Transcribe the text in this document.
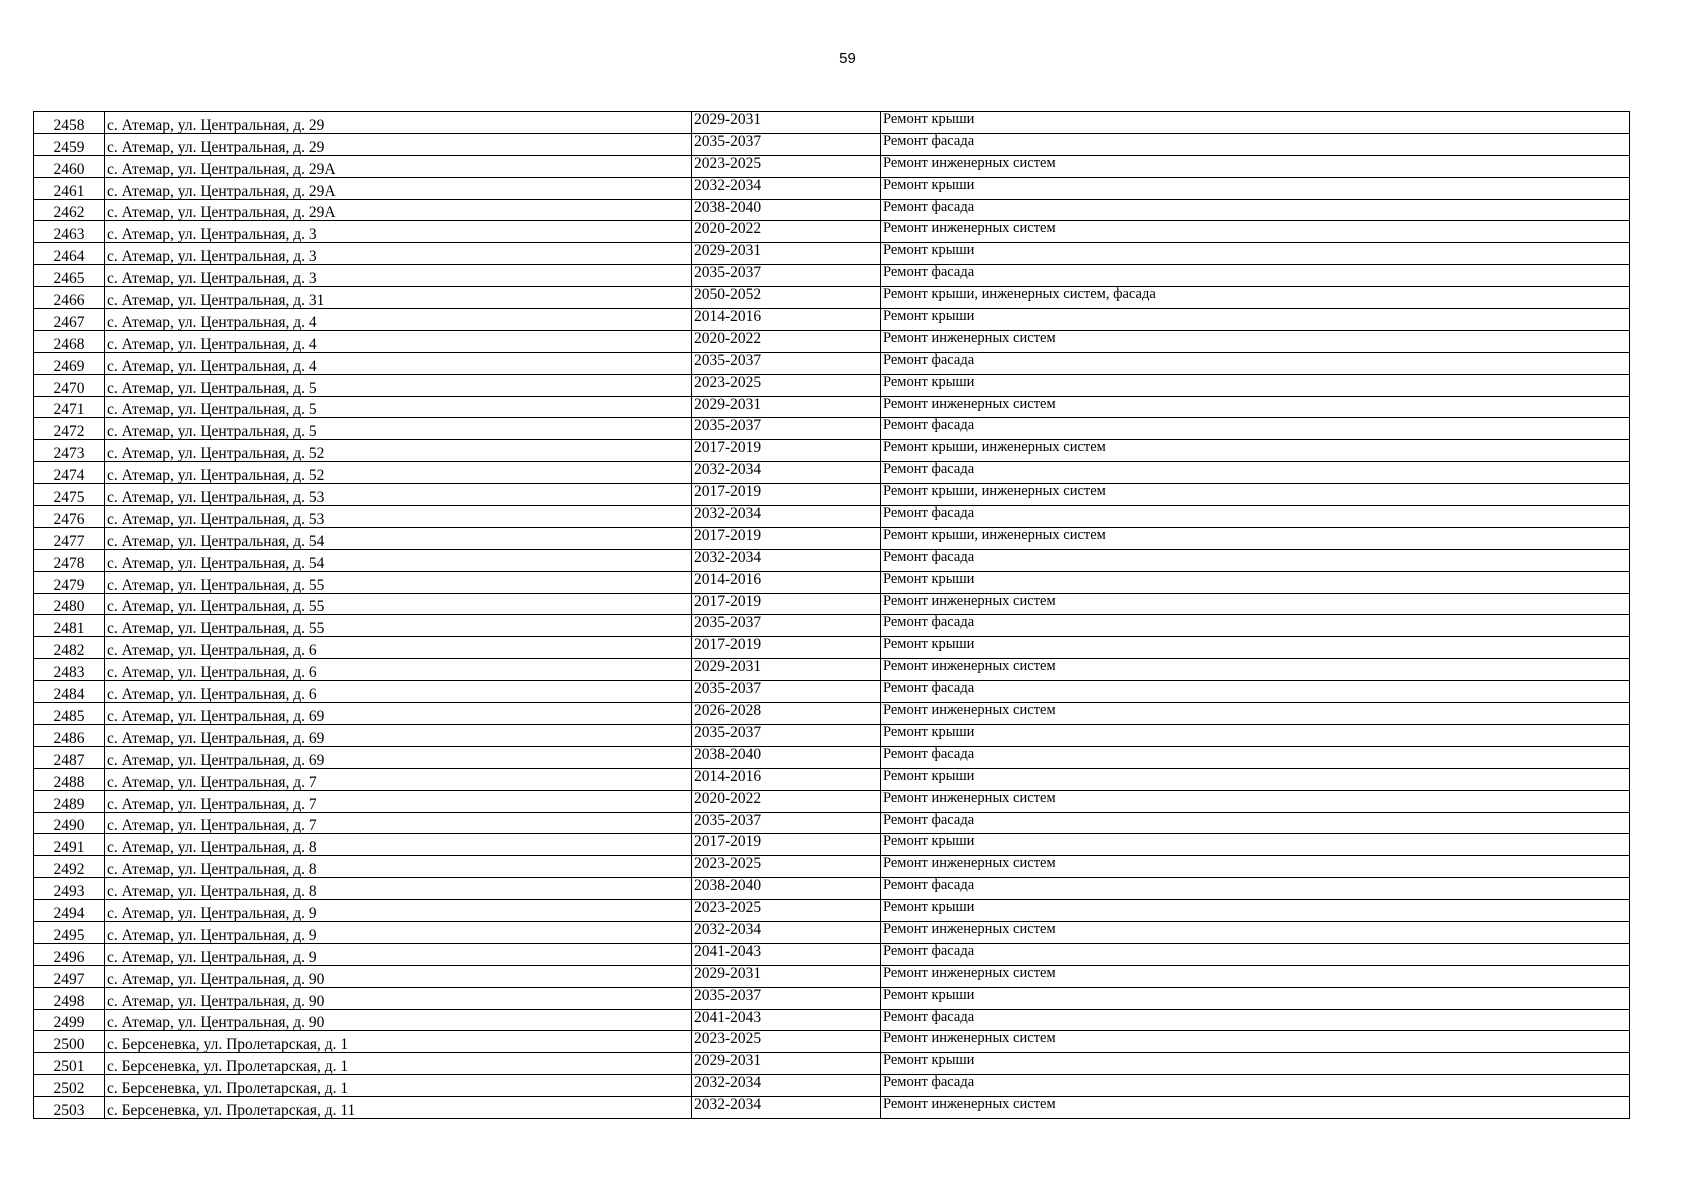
59
2458	с. Атемар, ул. Центральная, д. 29	2029-2031	Ремонт крыши
2459	с. Атемар, ул. Центральная, д. 29	2035-2037	Ремонт фасада
2460	с. Атемар, ул. Центральная, д. 29А	2023-2025	Ремонт инженерных систем
2461	с. Атемар, ул. Центральная, д. 29А	2032-2034	Ремонт крыши
2462	с. Атемар, ул. Центральная, д. 29А	2038-2040	Ремонт фасада
2463	с. Атемар, ул. Центральная, д. 3	2020-2022	Ремонт инженерных систем
2464	с. Атемар, ул. Центральная, д. 3	2029-2031	Ремонт крыши
2465	с. Атемар, ул. Центральная, д. 3	2035-2037	Ремонт фасада
2466	с. Атемар, ул. Центральная, д. 31	2050-2052	Ремонт крыши, инженерных систем, фасада
2467	с. Атемар, ул. Центральная, д. 4	2014-2016	Ремонт крыши
2468	с. Атемар, ул. Центральная, д. 4	2020-2022	Ремонт инженерных систем
2469	с. Атемар, ул. Центральная, д. 4	2035-2037	Ремонт фасада
2470	с. Атемар, ул. Центральная, д. 5	2023-2025	Ремонт крыши
2471	с. Атемар, ул. Центральная, д. 5	2029-2031	Ремонт инженерных систем
2472	с. Атемар, ул. Центральная, д. 5	2035-2037	Ремонт фасада
2473	с. Атемар, ул. Центральная, д. 52	2017-2019	Ремонт крыши, инженерных систем
2474	с. Атемар, ул. Центральная, д. 52	2032-2034	Ремонт фасада
2475	с. Атемар, ул. Центральная, д. 53	2017-2019	Ремонт крыши, инженерных систем
2476	с. Атемар, ул. Центральная, д. 53	2032-2034	Ремонт фасада
2477	с. Атемар, ул. Центральная, д. 54	2017-2019	Ремонт крыши, инженерных систем
2478	с. Атемар, ул. Центральная, д. 54	2032-2034	Ремонт фасада
2479	с. Атемар, ул. Центральная, д. 55	2014-2016	Ремонт крыши
2480	с. Атемар, ул. Центральная, д. 55	2017-2019	Ремонт инженерных систем
2481	с. Атемар, ул. Центральная, д. 55	2035-2037	Ремонт фасада
2482	с. Атемар, ул. Центральная, д. 6	2017-2019	Ремонт крыши
2483	с. Атемар, ул. Центральная, д. 6	2029-2031	Ремонт инженерных систем
2484	с. Атемар, ул. Центральная, д. 6	2035-2037	Ремонт фасада
2485	с. Атемар, ул. Центральная, д. 69	2026-2028	Ремонт инженерных систем
2486	с. Атемар, ул. Центральная, д. 69	2035-2037	Ремонт крыши
2487	с. Атемар, ул. Центральная, д. 69	2038-2040	Ремонт фасада
2488	с. Атемар, ул. Центральная, д. 7	2014-2016	Ремонт крыши
2489	с. Атемар, ул. Центральная, д. 7	2020-2022	Ремонт инженерных систем
2490	с. Атемар, ул. Центральная, д. 7	2035-2037	Ремонт фасада
2491	с. Атемар, ул. Центральная, д. 8	2017-2019	Ремонт крыши
2492	с. Атемар, ул. Центральная, д. 8	2023-2025	Ремонт инженерных систем
2493	с. Атемар, ул. Центральная, д. 8	2038-2040	Ремонт фасада
2494	с. Атемар, ул. Центральная, д. 9	2023-2025	Ремонт крыши
2495	с. Атемар, ул. Центральная, д. 9	2032-2034	Ремонт инженерных систем
2496	с. Атемар, ул. Центральная, д. 9	2041-2043	Ремонт фасада
2497	с. Атемар, ул. Центральная, д. 90	2029-2031	Ремонт инженерных систем
2498	с. Атемар, ул. Центральная, д. 90	2035-2037	Ремонт крыши
2499	с. Атемар, ул. Центральная, д. 90	2041-2043	Ремонт фасада
2500	с. Берсеневка, ул. Пролетарская, д. 1	2023-2025	Ремонт инженерных систем
2501	с. Берсеневка, ул. Пролетарская, д. 1	2029-2031	Ремонт крыши
2502	с. Берсеневка, ул. Пролетарская, д. 1	2032-2034	Ремонт фасада
2503	с. Берсеневка, ул. Пролетарская, д. 11	2032-2034	Ремонт инженерных систем
